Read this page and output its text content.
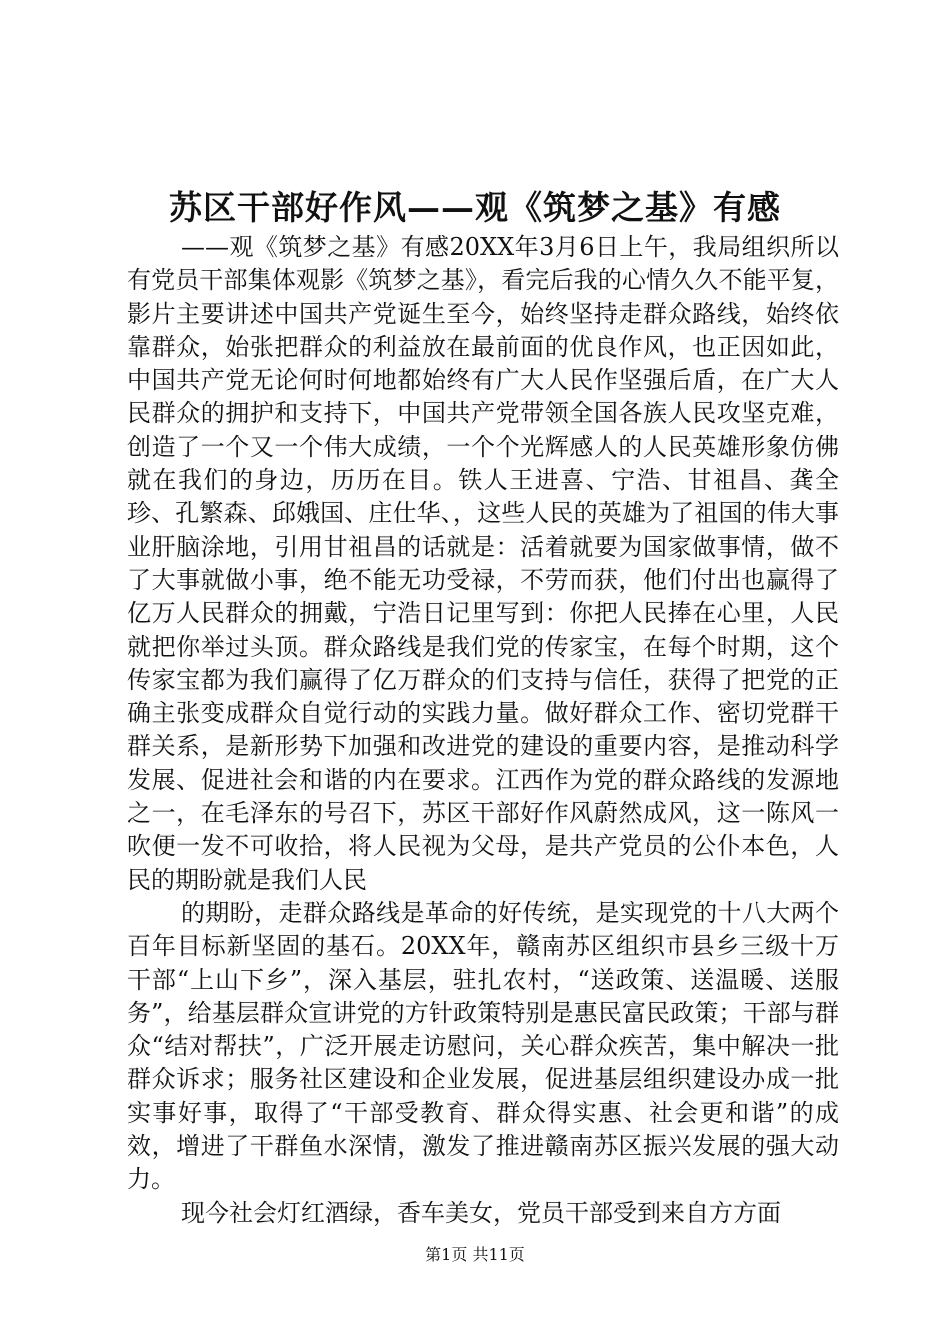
苏区干部好作风——观《筑梦之基》有感

——观《筑梦之基》有感20XX年3月6日上午，我局组织所以有党员干部集体观影《筑梦之基》，看完后我的心情久久不能平复，影片主要讲述中国共产党诞生至今，始终坚持走群众路线，始终依靠群众，始张把群众的利益放在最前面的优良作风，也正因如此，中国共产党无论何时何地都始终有广大人民作坚强后盾，在广大人民群众的拥护和支持下，中国共产党带领全国各族人民攻坚克难，创造了一个又一个伟大成绩，一个个光辉感人的人民英雄形象仿佛就在我们的身边，历历在目。铁人王进喜、宁浩、甘祖昌、龚全珍、孔繁森、邱娥国、庄仕华、，这些人民的英雄为了祖国的伟大事业肝脑涂地，引用甘祖昌的话就是：活着就要为国家做事情，做不了大事就做小事，绝不能无功受禄，不劳而获，他们付出也赢得了亿万人民群众的拥戴，宁浩日记里写到：你把人民捧在心里，人民就把你举过头顶。群众路线是我们党的传家宝，在每个时期，这个传家宝都为我们赢得了亿万群众的们支持与信任，获得了把党的正确主张变成群众自觉行动的实践力量。做好群众工作、密切党群干群关系，是新形势下加强和改进党的建设的重要内容，是推动科学发展、促进社会和谐的内在要求。江西作为党的群众路线的发源地之一，在毛泽东的号召下，苏区干部好作风蔚然成风，这一陈风一吹便一发不可收拾，将人民视为父母，是共产党员的公仆本色，人民的期盼就是我们人民

的期盼，走群众路线是革命的好传统，是实现党的十八大两个百年目标新坚固的基石。20XX年，赣南苏区组织市县乡三级十万干部“上山下乡”，深入基层，驻扎农村，“送政策、送温暖、送服务”，给基层群众宣讲党的方针政策特别是惠民富民政策；干部与群众“结对帮扶”，广泛开展走访慰问，关心群众疾苦，集中解决一批群众诉求；服务社区建设和企业发展，促进基层组织建设办成一批实事好事，取得了“干部受教育、群众得实惠、社会更和谐”的成效，增进了干群鱼水深情，激发了推进赣南苏区振兴发展的强大动力。

现今社会灯红酒绿，香车美女，党员干部受到来自方方面

第1页 共11页
